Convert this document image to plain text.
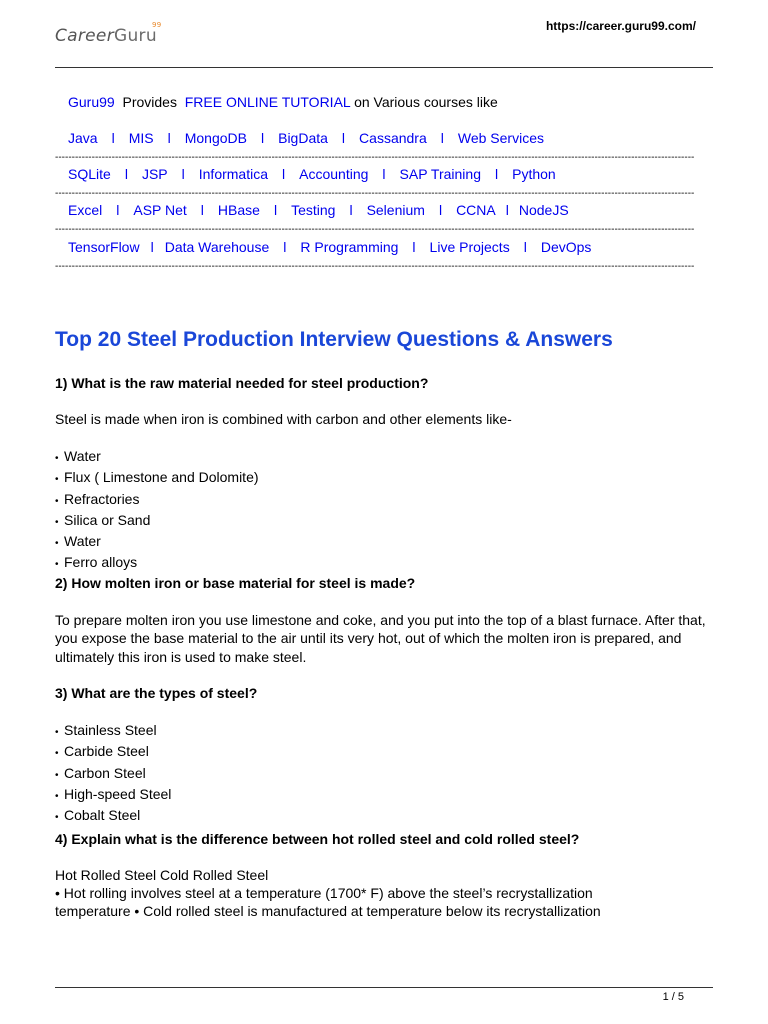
CareerGuru
99	https://career.guru99.com/
Guru99 Provides FREE ONLINE TUTORIAL on Various courses like
Java l MIS l MongoDB l BigData l Cassandra l Web Services
------------------------------------------------------------------------------------------------------------------------------------------------------------------------------------------------
SQLite l JSP l Informatica l Accounting l SAP Training l Python
------------------------------------------------------------------------------------------------------------------------------------------------------------------------------------------------
Excel l ASP Net l HBase l Testing l Selenium l CCNA l NodeJS
------------------------------------------------------------------------------------------------------------------------------------------------------------------------------------------------
TensorFlow l Data Warehouse l R Programming l Live Projects l DevOps
------------------------------------------------------------------------------------------------------------------------------------------------------------------------------------------------
Top 20 Steel Production Interview Questions & Answers
1) What is the raw material needed for steel production?
Steel is made when iron is combined with carbon and other elements like-
• Water
• Flux ( Limestone and Dolomite)
• Refractories
• Silica or Sand
• Water
• Ferro alloys
2) How molten iron or base material for steel is made?
To prepare molten iron you use limestone and coke, and you put into the top of a blast furnace. After that, you expose the base material to the air until its very hot, out of which the molten iron is prepared, and ultimately this iron is used to make steel.
3) What are the types of steel?
• Stainless Steel
• Carbide Steel
• Carbon Steel
• High-speed Steel
• Cobalt Steel
4) Explain what is the difference between hot rolled steel and cold rolled steel?
Hot Rolled Steel Cold Rolled Steel
• Hot rolling involves steel at a temperature (1700* F) above the steel’s recrystallization
temperature • Cold rolled steel is manufactured at temperature below its recrystallization
1 / 5
